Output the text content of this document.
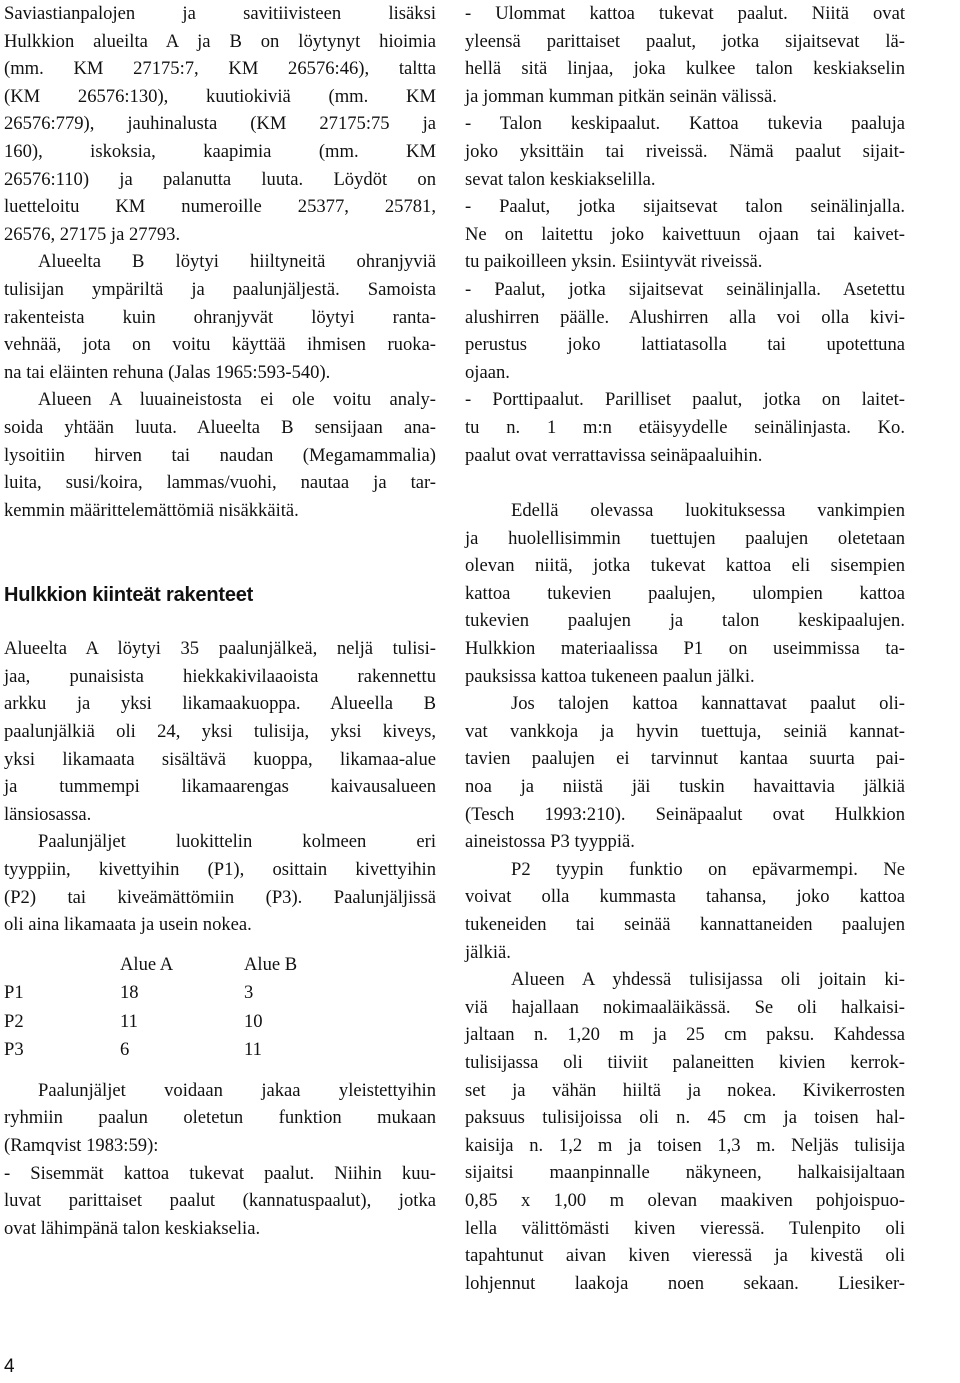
Saviastianpalojen ja savitiivisteen lisäksi
Hulkkion alueilta A ja B on löytynyt hioimia
(mm. KM 27175:7, KM 26576:46), taltta
(KM 26576:130), kuutiokiviä (mm. KM
26576:779), jauhinalusta (KM 27175:75 ja
160), iskoksia, kaapimia (mm. KM
26576:110) ja palanutta luuta. Löydöt on
luetteloitu KM numeroille 25377, 25781,
26576, 27175 ja 27793.
Alueelta B löytyi hiiltyneitä ohranjyviä
tulisijan ympäriltä ja paalunjäljestä. Samoista
rakenteista kuin ohranjyvät löytyi ranta-
vehnää, jota on voitu käyttää ihmisen ruoka-
na tai eläinten rehuna (Jalas 1965:593-540).
Alueen A luuaineistosta ei ole voitu analy-
soida yhtään luuta. Alueelta B sensijaan ana-
lysoitiin hirven tai naudan (Megamammalia)
luita, susi/koira, lammas/vuohi, nautaa ja tar-
kemmin määrittelemättömiä nisäkkäitä.
Hulkkion kiinteät rakenteet
Alueelta A löytyi 35 paalunjälkeä, neljä tulisi-
jaa, punaisista hiekkakivilaaoista rakennettu
arkku ja yksi likamaakuoppa. Alueella B
paalunjälkiä oli 24, yksi tulisija, yksi kiveys,
yksi likamaata sisältävä kuoppa, likamaa-alue
ja tummempi likamaarengas kaivausalueen
länsiosassa.
Paalunjäljet luokittelin kolmeen eri
tyyppiin, kivettyihin (P1), osittain kivettyihin
(P2) tai kiveämättömiin (P3). Paalunjäljissä
oli aina likamaata ja usein nokea.
	Alue A	Alue B
P1	18	3
P2	11	10
P3	6	11
Paalunjäljet voidaan jakaa yleistettyihin
ryhmiin paalun oletetun funktion mukaan
(Ramqvist 1983:59):
- Sisemmät kattoa tukevat paalut. Niihin kuu-
luvat parittaiset paalut (kannatuspaalut), jotka
ovat lähimpänä talon keskiakselia.
- Ulommat kattoa tukevat paalut. Niitä ovat
yleensä parittaiset paalut, jotka sijaitsevat lä-
hellä sitä linjaa, joka kulkee talon keskiakselin
ja jomman kumman pitkän seinän välissä.
- Talon keskipaalut. Kattoa tukevia paaluja
joko yksittäin tai riveissä. Nämä paalut sijait-
sevat talon keskiakselilla.
- Paalut, jotka sijaitsevat talon seinälinjalla.
Ne on laitettu joko kaivettuun ojaan tai kaivet-
tu paikoilleen yksin. Esiintyvät riveissä.
- Paalut, jotka sijaitsevat seinälinjalla. Asetettu
alushirren päälle. Alushirren alla voi olla kivi-
perustus joko lattiatasolla tai upotettuna
ojaan.
- Porttipaalut. Parilliset paalut, jotka on laitet-
tu n. 1 m:n etäisyydelle seinälinjasta. Ko.
paalut ovat verrattavissa seinäpaaluihin.
Edellä olevassa luokituksessa vankimpien
ja huolellisimmin tuettujen paalujen oletetaan
olevan niitä, jotka tukevat kattoa eli sisempien
kattoa tukevien paalujen, ulompien kattoa
tukevien paalujen ja talon keskipaalujen.
Hulkkion materiaalissa P1 on useimmissa ta-
pauksissa kattoa tukeneen paalun jälki.
Jos talojen kattoa kannattavat paalut oli-
vat vankkoja ja hyvin tuettuja, seiniä kannat-
tavien paalujen ei tarvinnut kantaa suurta pai-
noa ja niistä jäi tuskin havaittavia jälkiä
(Tesch 1993:210). Seinäpaalut ovat Hulkkion
aineistossa P3 tyyppiä.
P2 tyypin funktio on epävarmempi. Ne
voivat olla kummasta tahansa, joko kattoa
tukeneiden tai seinää kannattaneiden paalujen
jälkiä.
Alueen A yhdessä tulisijassa oli joitain ki-
viä hajallaan nokimaaläikässä. Se oli halkaisi-
jaltaan n. 1,20 m ja 25 cm paksu. Kahdessa
tulisijassa oli tiiviit palaneitten kivien kerrok-
set ja vähän hiiltä ja nokea. Kivikerrosten
paksuus tulisijoissa oli n. 45 cm ja toisen hal-
kaisija n. 1,2 m ja toisen 1,3 m. Neljäs tulisija
sijaitsi maanpinnalle näkyneen, halkaisijaltaan
0,85 x 1,00 m olevan maakiven pohjoispuo-
lella välittömästi kiven vieressä. Tulenpito oli
tapahtunut aivan kiven vieressä ja kivestä oli
lohjennut laakoja noen sekaan. Liesiker-
4
